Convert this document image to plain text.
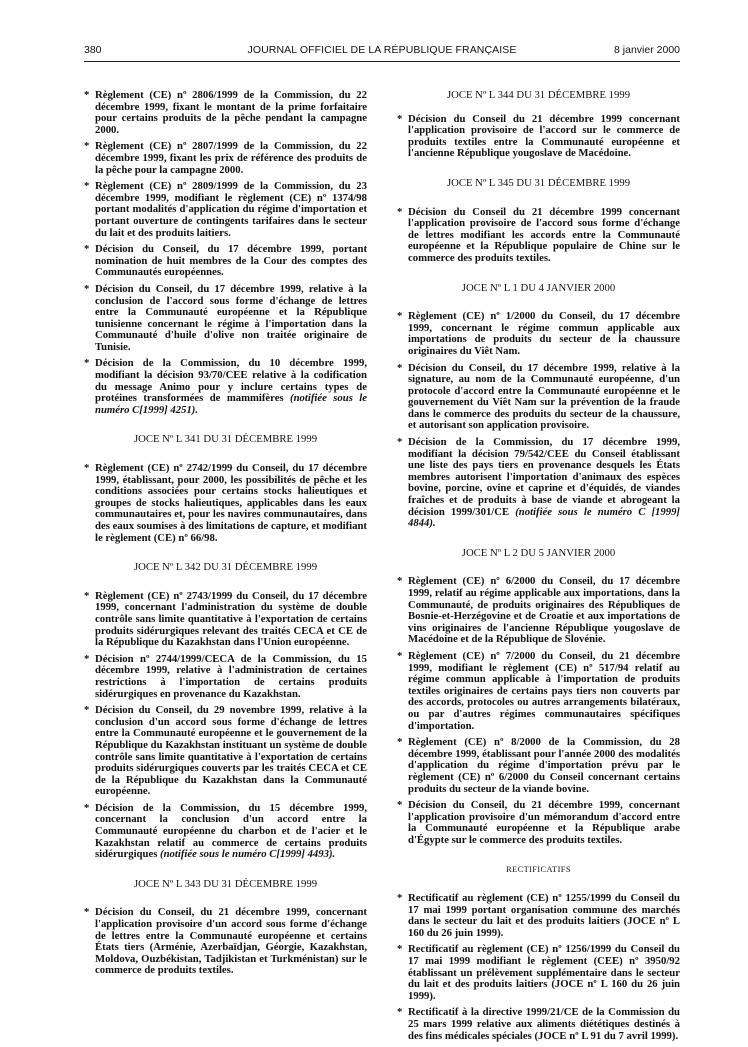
380	JOURNAL OFFICIEL DE LA RÉPUBLIQUE FRANÇAISE	8 janvier 2000
* Règlement (CE) nº 2806/1999 de la Commission, du 22 décembre 1999, fixant le montant de la prime forfaitaire pour certains produits de la pêche pendant la campagne 2000.
* Règlement (CE) nº 2807/1999 de la Commission, du 22 décembre 1999, fixant les prix de référence des produits de la pêche pour la campagne 2000.
* Règlement (CE) nº 2809/1999 de la Commission, du 23 décembre 1999, modifiant le règlement (CE) nº 1374/98 portant modalités d'application du régime d'importation et portant ouverture de contingents tarifaires dans le secteur du lait et des produits laitiers.
* Décision du Conseil, du 17 décembre 1999, portant nomination de huit membres de la Cour des comptes des Communautés européennes.
* Décision du Conseil, du 17 décembre 1999, relative à la conclusion de l'accord sous forme d'échange de lettres entre la Communauté européenne et la République tunisienne concernant le régime à l'importation dans la Communauté d'huile d'olive non traitée originaire de Tunisie.
* Décision de la Commission, du 10 décembre 1999, modifiant la décision 93/70/CEE relative à la codification du message Animo pour y inclure certains types de protéines transformées de mammifères (notifiée sous le numéro C[1999] 4251).
JOCE Nº L 341 DU 31 DÉCEMBRE 1999
* Règlement (CE) nº 2742/1999 du Conseil, du 17 décembre 1999, établissant, pour 2000, les possibilités de pêche et les conditions associées pour certains stocks halieutiques et groupes de stocks halieutiques, applicables dans les eaux communautaires et, pour les navires communautaires, dans des eaux soumises à des limitations de capture, et modifiant le règlement (CE) nº 66/98.
JOCE Nº L 342 DU 31 DÉCEMBRE 1999
* Règlement (CE) nº 2743/1999 du Conseil, du 17 décembre 1999, concernant l'administration du système de double contrôle sans limite quantitative à l'exportation de certains produits sidérurgiques relevant des traités CECA et CE de la République du Kazakhstan dans l'Union européenne.
* Décision nº 2744/1999/CECA de la Commission, du 15 décembre 1999, relative à l'administration de certaines restrictions à l'importation de certains produits sidérurgiques en provenance du Kazakhstan.
* Décision du Conseil, du 29 novembre 1999, relative à la conclusion d'un accord sous forme d'échange de lettres entre la Communauté européenne et le gouvernement de la République du Kazakhstan instituant un système de double contrôle sans limite quantitative à l'exportation de certains produits sidérurgiques couverts par les traités CECA et CE de la République du Kazakhstan dans la Communauté européenne.
* Décision de la Commission, du 15 décembre 1999, concernant la conclusion d'un accord entre la Communauté européenne du charbon et de l'acier et le Kazakhstan relatif au commerce de certains produits sidérurgiques (notifiée sous le numéro C[1999] 4493).
JOCE Nº L 343 DU 31 DÉCEMBRE 1999
* Décision du Conseil, du 21 décembre 1999, concernant l'application provisoire d'un accord sous forme d'échange de lettres entre la Communauté européenne et certains États tiers (Arménie, Azerbaïdjan, Géorgie, Kazakhstan, Moldova, Ouzbékistan, Tadjikistan et Turkménistan) sur le commerce de produits textiles.
JOCE Nº L 344 DU 31 DÉCEMBRE 1999
* Décision du Conseil du 21 décembre 1999 concernant l'application provisoire de l'accord sur le commerce de produits textiles entre la Communauté européenne et l'ancienne République yougoslave de Macédoine.
JOCE Nº L 345 DU 31 DÉCEMBRE 1999
* Décision du Conseil du 21 décembre 1999 concernant l'application provisoire de l'accord sous forme d'échange de lettres modifiant les accords entre la Communauté européenne et la République populaire de Chine sur le commerce des produits textiles.
JOCE Nº L 1 DU 4 JANVIER 2000
* Règlement (CE) nº 1/2000 du Conseil, du 17 décembre 1999, concernant le régime commun applicable aux importations de produits du secteur de la chaussure originaires du Viêt Nam.
* Décision du Conseil, du 17 décembre 1999, relative à la signature, au nom de la Communauté européenne, d'un protocole d'accord entre la Communauté européenne et le gouvernement du Viêt Nam sur la prévention de la fraude dans le commerce des produits du secteur de la chaussure, et autorisant son application provisoire.
* Décision de la Commission, du 17 décembre 1999, modifiant la décision 79/542/CEE du Conseil établissant une liste des pays tiers en provenance desquels les États membres autorisent l'importation d'animaux des espèces bovine, porcine, ovine et caprine et d'équidés, de viandes fraîches et de produits à base de viande et abrogeant la décision 1999/301/CE (notifiée sous le numéro C [1999] 4844).
JOCE Nº L 2 DU 5 JANVIER 2000
* Règlement (CE) nº 6/2000 du Conseil, du 17 décembre 1999, relatif au régime applicable aux importations, dans la Communauté, de produits originaires des Républiques de Bosnie-et-Herzégovine et de Croatie et aux importations de vins originaires de l'ancienne République yougoslave de Macédoine et de la République de Slovénie.
* Règlement (CE) nº 7/2000 du Conseil, du 21 décembre 1999, modifiant le règlement (CE) nº 517/94 relatif au régime commun applicable à l'importation de produits textiles originaires de certains pays tiers non couverts par des accords, protocoles ou autres arrangements bilatéraux, ou par d'autres régimes communautaires spécifiques d'importation.
* Règlement (CE) nº 8/2000 de la Commission, du 28 décembre 1999, établissant pour l'année 2000 des modalités d'application du régime d'importation prévu par le règlement (CE) nº 6/2000 du Conseil concernant certains produits du secteur de la viande bovine.
* Décision du Conseil, du 21 décembre 1999, concernant l'application provisoire d'un mémorandum d'accord entre la Communauté européenne et la République arabe d'Égypte sur le commerce des produits textiles.
RECTIFICATIFS
* Rectificatif au règlement (CE) nº 1255/1999 du Conseil du 17 mai 1999 portant organisation commune des marchés dans le secteur du lait et des produits laitiers (JOCE nº L 160 du 26 juin 1999).
* Rectificatif au règlement (CE) nº 1256/1999 du Conseil du 17 mai 1999 modifiant le règlement (CEE) nº 3950/92 établissant un prélèvement supplémentaire dans le secteur du lait et des produits laitiers (JOCE nº L 160 du 26 juin 1999).
* Rectificatif à la directive 1999/21/CE de la Commission du 25 mars 1999 relative aux aliments diététiques destinés à des fins médicales spéciales (JOCE nº L 91 du 7 avril 1999).
